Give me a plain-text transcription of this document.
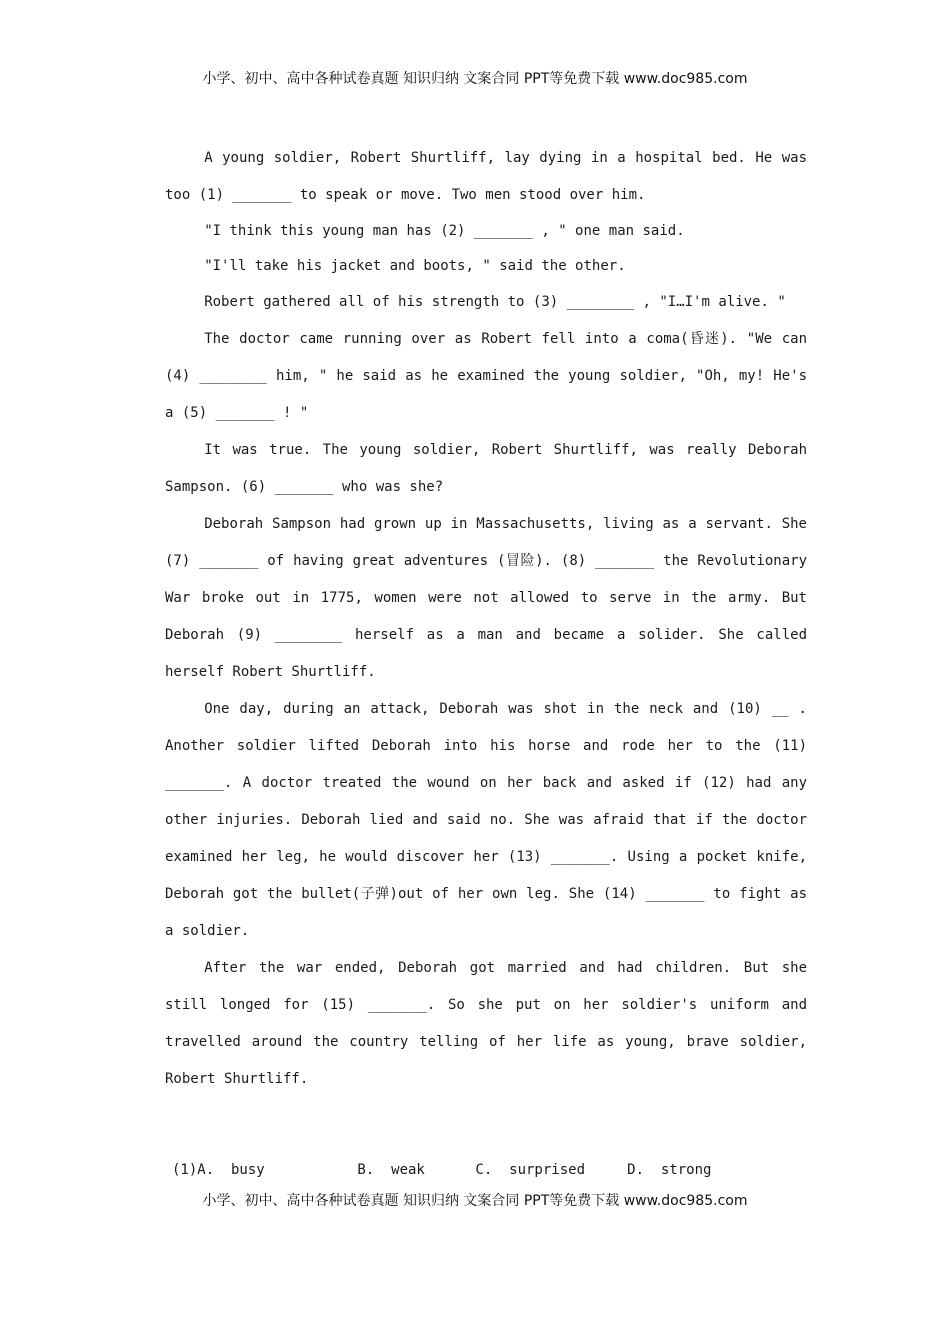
小学、初中、高中各种试卷真题 知识归纳 文案合同 PPT等免费下载 www.doc985.com

A young soldier, Robert Shurtliff, lay dying in a hospital bed. He was too (1) _______ to speak or move. Two men stood over him.

"I think this young man has (2) _______ , " one man said.

"I'll take his jacket and boots, " said the other.

Robert gathered all of his strength to (3) ________ , "I…I'm alive. "

The doctor came running over as Robert fell into a coma(昏迷). "We can (4) ________ him, " he said as he examined the young soldier, "Oh, my! He's a (5) _______ ! "

It was true. The young soldier, Robert Shurtliff, was really Deborah Sampson. (6) _______ who was she?

Deborah Sampson had grown up in Massachusetts, living as a servant. She (7) _______ of having great adventures (冒险). (8) _______ the Revolutionary War broke out in 1775, women were not allowed to serve in the army. But Deborah (9) ________ herself as a man and became a solider. She called herself Robert Shurtliff.

One day, during an attack, Deborah was shot in the neck and (10) __ . Another soldier lifted Deborah into his horse and rode her to the (11) _______. A doctor treated the wound on her back and asked if (12) had any other injuries. Deborah lied and said no. She was afraid that if the doctor examined her leg, he would discover her (13) _______. Using a pocket knife, Deborah got the bullet(子弹)out of her own leg. She (14) _______ to fight as a soldier.

After the war ended, Deborah got married and had children. But she still longed for (15) _______. So she put on her soldier's uniform and travelled around the country telling of her life as young, brave soldier, Robert Shurtliff.

(1)A.  busy           B.  weak      C.  surprised     D.  strong
小学、初中、高中各种试卷真题 知识归纳 文案合同 PPT等免费下载 www.doc985.com
